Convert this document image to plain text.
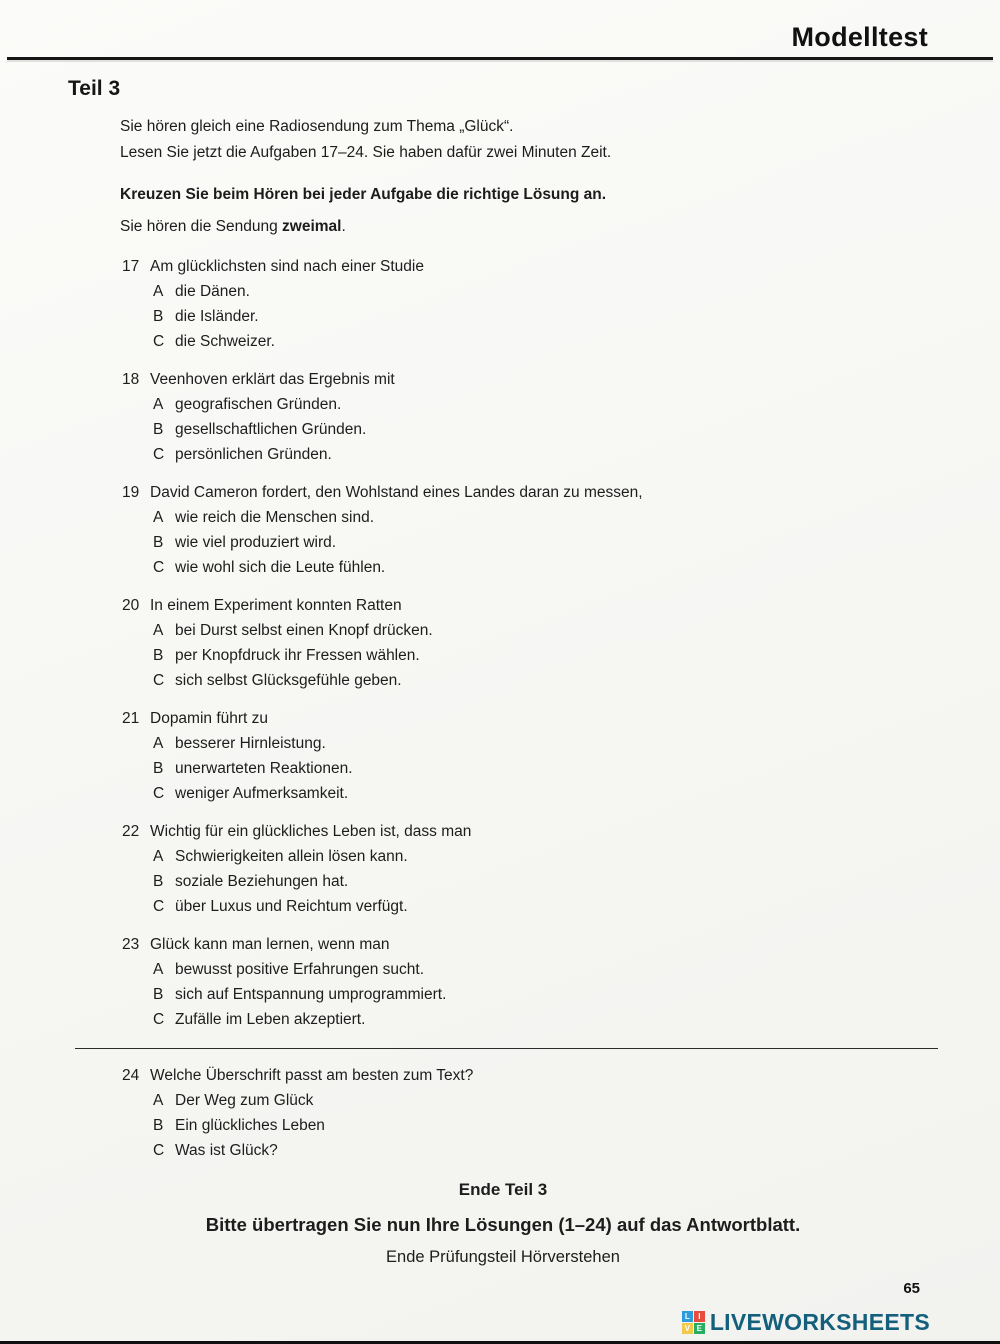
Modelltest
Teil 3

Sie hören gleich eine Radiosendung zum Thema „Glück“.

Lesen Sie jetzt die Aufgaben 17–24. Sie haben dafür zwei Minuten Zeit.

Kreuzen Sie beim Hören bei jeder Aufgabe die richtige Lösung an.

Sie hören die Sendung zweimal.

17 Am glücklichsten sind nach einer Studie
A die Dänen.
B die Isländer.
C die Schweizer.
18 Veenhoven erklärt das Ergebnis mit
A geografischen Gründen.
B gesellschaftlichen Gründen.
C persönlichen Gründen.
19 David Cameron fordert, den Wohlstand eines Landes daran zu messen,
A wie reich die Menschen sind.
B wie viel produziert wird.
C wie wohl sich die Leute fühlen.
20 In einem Experiment konnten Ratten
A bei Durst selbst einen Knopf drücken.
B per Knopfdruck ihr Fressen wählen.
C sich selbst Glücksgefühle geben.
21 Dopamin führt zu
A besserer Hirnleistung.
B unerwarteten Reaktionen.
C weniger Aufmerksamkeit.
22 Wichtig für ein glückliches Leben ist, dass man
A Schwierigkeiten allein lösen kann.
B soziale Beziehungen hat.
C über Luxus und Reichtum verfügt.
23 Glück kann man lernen, wenn man
A bewusst positive Erfahrungen sucht.
B sich auf Entspannung umprogrammiert.
C Zufälle im Leben akzeptiert.
24 Welche Überschrift passt am besten zum Text?
A Der Weg zum Glück
B Ein glückliches Leben
C Was ist Glück?

Ende Teil 3

Bitte übertragen Sie nun Ihre Lösungen (1–24) auf das Antwortblatt.

Ende Prüfungsteil Hörverstehen

65
L	I
V E LIVEWORKSHEETS
